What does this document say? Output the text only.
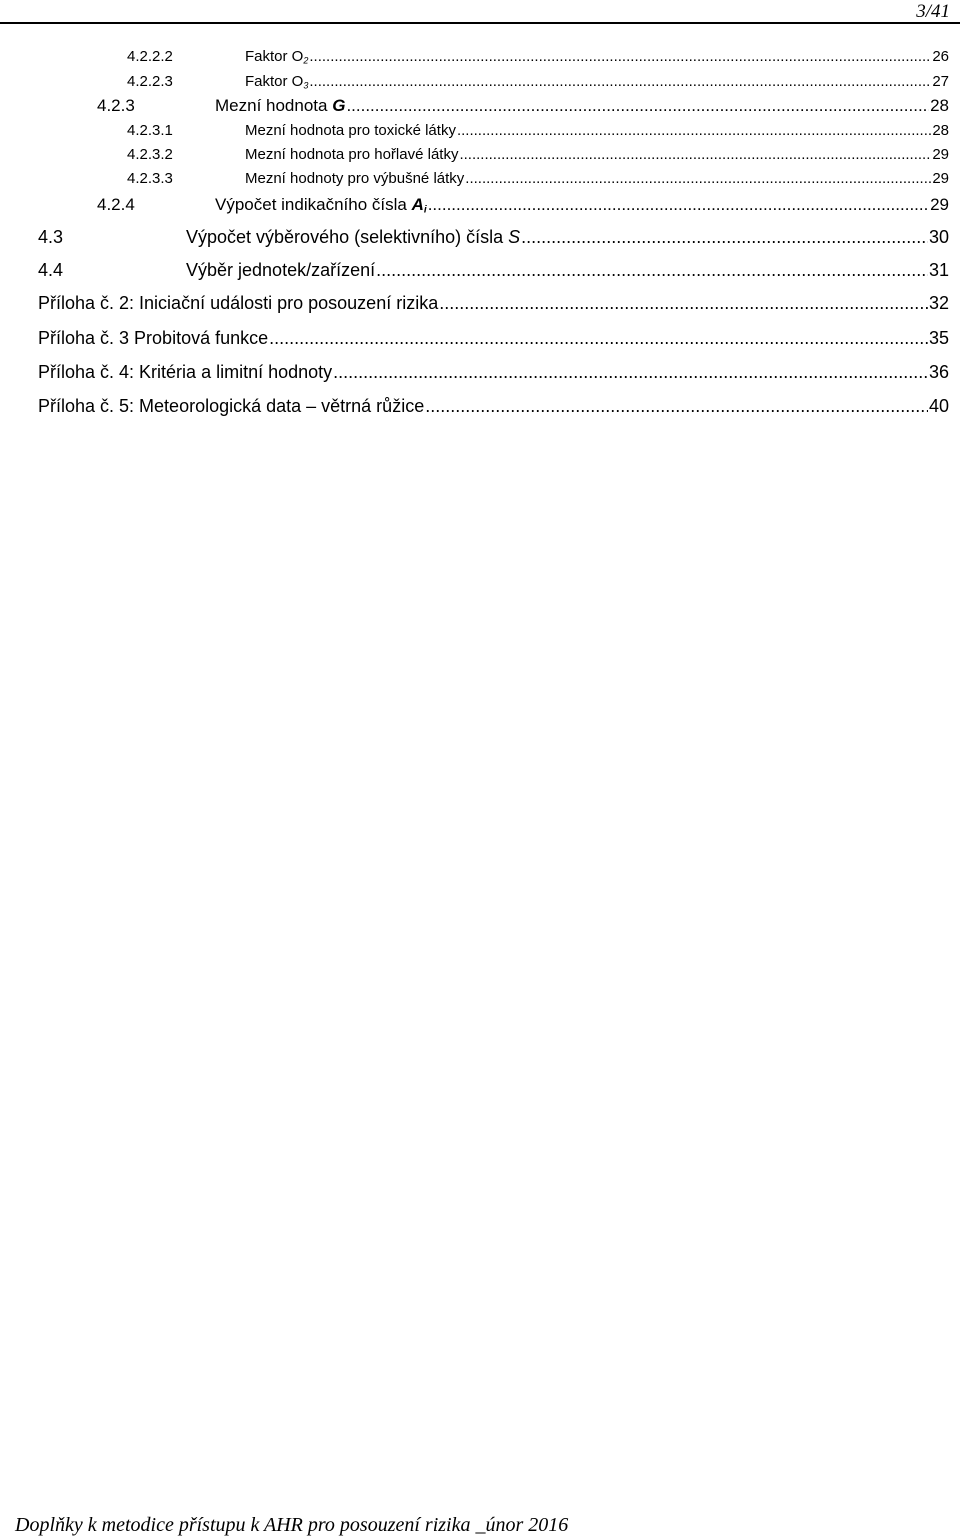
3/41
4.2.2.2	Faktor $O_2$ .....	26
4.2.2.3	Faktor $O_3$ .....	27
4.2.3	Mezní hodnota G .....	28
4.2.3.1	Mezní hodnota pro toxické látky .....	28
4.2.3.2	Mezní hodnota pro hořlavé látky .....	29
4.2.3.3	Mezní hodnoty pro výbušné látky .....	29
4.2.4	Výpočet indikačního čísla $A_i$ .....	29
4.3	Výpočet výběrového (selektivního) čísla S .....	30
4.4	Výběr jednotek/zařízení .....	31
Příloha č. 2: Iniciační události pro posouzení rizika .....	32
Příloha č. 3 Probitová funkce .....	35
Příloha č. 4: Kritéria a limitní hodnoty .....	36
Příloha č. 5: Meteorologická data – větrná růžice .....	40
Doplňky k metodice přístupu k AHR pro posouzení rizika _únor 2016
